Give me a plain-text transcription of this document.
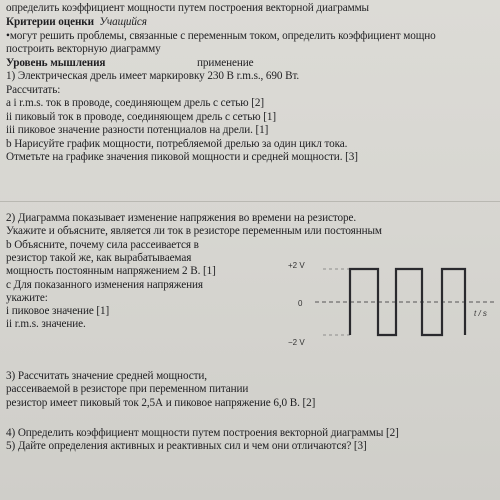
определить коэффициент мощности путем построения векторной диаграммы
Критерии оценки Учащийся
•могут решить проблемы, связанные с переменным током, определить коэффициент мощно
построить векторную диаграмму
Уровень мышления	применение
1) Электрическая дрель имеет маркировку 230 В r.m.s., 690 Вт.
Рассчитать:
a i r.m.s. ток в проводе, соединяющем дрель с сетью [2]
ii пиковый ток в проводе, соединяющем дрель с сетью [1]
iii пиковое значение разности потенциалов на дрели. [1]
b Нарисуйте график мощности, потребляемой дрелью за один цикл тока.
Отметьте на графике значения пиковой мощности и средней мощности. [3]
2) Диаграмма показывает изменение напряжения во времени на резисторе.
Укажите и объясните, является ли ток в резисторе переменным или постоянным
b Объясните, почему сила рассеивается в
резистор такой же, как вырабатываемая
мощность постоянным напряжением 2 В. [1]
c Для показанного изменения напряжения
укажите:
i пиковое значение [1]
ii r.m.s. значение.
+2 V
0
−2 V
t / s
3) Рассчитать значение средней мощности,
рассеиваемой в резисторе при переменном питании
резистор имеет пиковый ток 2,5А и пиковое напряжение 6,0 В. [2]
4) Определить коэффициент мощности путем построения векторной диаграммы [2]
5) Дайте определения активных и реактивных сил и чем они отличаются? [3]
